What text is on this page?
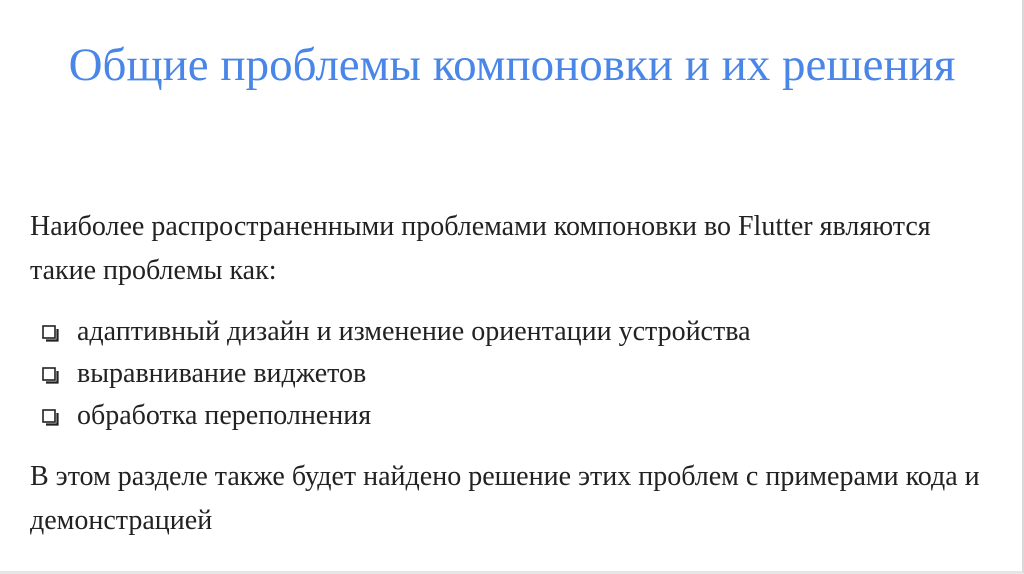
Общие проблемы компоновки и их решения

Наиболее распространенными проблемами компоновки во Flutter являются такие проблемы как:

адаптивный дизайн и изменение ориентации устройства
выравнивание виджетов
обработка переполнения

В этом разделе также будет найдено решение этих проблем с примерами кода и демонстрацией
